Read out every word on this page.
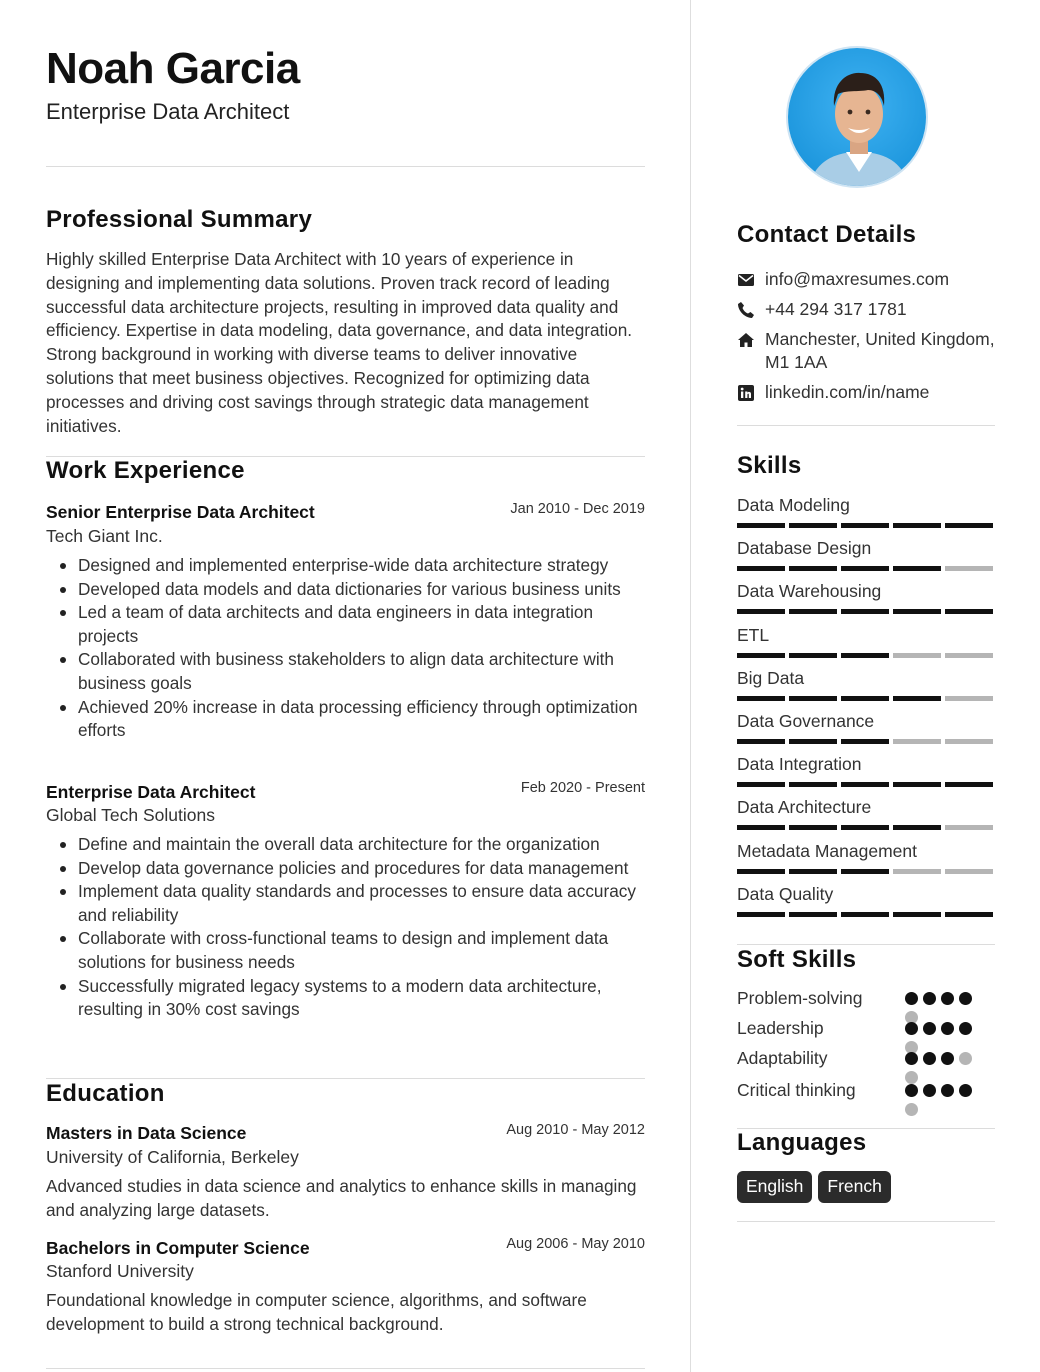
Noah Garcia
Enterprise Data Architect
Professional Summary
Highly skilled Enterprise Data Architect with 10 years of experience in designing and implementing data solutions. Proven track record of leading successful data architecture projects, resulting in improved data quality and efficiency. Expertise in data modeling, data governance, and data integration. Strong background in working with diverse teams to deliver innovative solutions that meet business objectives. Recognized for optimizing data processes and driving cost savings through strategic data management initiatives.
Work Experience
Senior Enterprise Data Architect	Jan 2010 - Dec 2019
Tech Giant Inc.
Designed and implemented enterprise-wide data architecture strategy
Developed data models and data dictionaries for various business units
Led a team of data architects and data engineers in data integration projects
Collaborated with business stakeholders to align data architecture with business goals
Achieved 20% increase in data processing efficiency through optimization efforts
Enterprise Data Architect	Feb 2020 - Present
Global Tech Solutions
Define and maintain the overall data architecture for the organization
Develop data governance policies and procedures for data management
Implement data quality standards and processes to ensure data accuracy and reliability
Collaborate with cross-functional teams to design and implement data solutions for business needs
Successfully migrated legacy systems to a modern data architecture, resulting in 30% cost savings
Education
Masters in Data Science	Aug 2010 - May 2012
University of California, Berkeley
Advanced studies in data science and analytics to enhance skills in managing and analyzing large datasets.
Bachelors in Computer Science	Aug 2006 - May 2010
Stanford University
Foundational knowledge in computer science, algorithms, and software development to build a strong technical background.
Contact Details
info@maxresumes.com
+44 294 317 1781
Manchester, United Kingdom, M1 1AA
linkedin.com/in/name
Skills
Data Modeling
Database Design
Data Warehousing
ETL
Big Data
Data Governance
Data Integration
Data Architecture
Metadata Management
Data Quality
Soft Skills
Problem-solving
Leadership
Adaptability
Critical thinking
Languages
English	French
